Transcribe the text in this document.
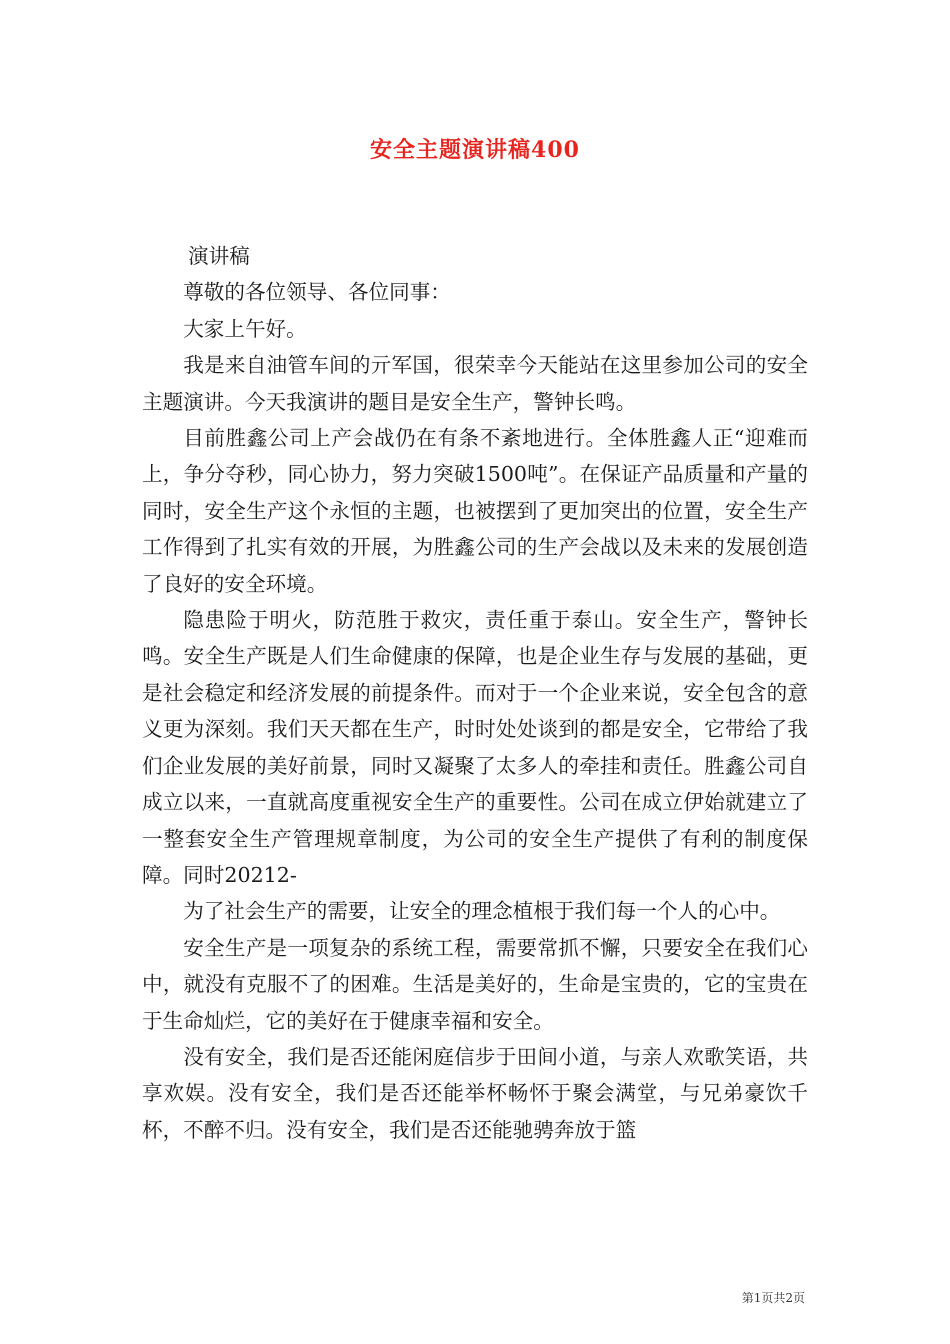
安全主题演讲稿400

演讲稿

尊敬的各位领导、各位同事：

大家上午好。

我是来自油管车间的亓军国，很荣幸今天能站在这里参加公司的安全主题演讲。今天我演讲的题目是安全生产，警钟长鸣。

目前胜鑫公司上产会战仍在有条不紊地进行。全体胜鑫人正“迎难而上，争分夺秒，同心协力，努力突破1500吨”。在保证产品质量和产量的同时，安全生产这个永恒的主题，也被摆到了更加突出的位置，安全生产工作得到了扎实有效的开展，为胜鑫公司的生产会战以及未来的发展创造了良好的安全环境。

隐患险于明火，防范胜于救灾，责任重于泰山。安全生产，警钟长鸣。安全生产既是人们生命健康的保障，也是企业生存与发展的基础，更是社会稳定和经济发展的前提条件。而对于一个企业来说，安全包含的意义更为深刻。我们天天都在生产，时时处处谈到的都是安全，它带给了我们企业发展的美好前景，同时又凝聚了太多人的牵挂和责任。胜鑫公司自成立以来，一直就高度重视安全生产的重要性。公司在成立伊始就建立了一整套安全生产管理规章制度，为公司的安全生产提供了有利的制度保障。同时20212-

为了社会生产的需要，让安全的理念植根于我们每一个人的心中。

安全生产是一项复杂的系统工程，需要常抓不懈，只要安全在我们心中，就没有克服不了的困难。生活是美好的，生命是宝贵的，它的宝贵在于生命灿烂，它的美好在于健康幸福和安全。

没有安全，我们是否还能闲庭信步于田间小道，与亲人欢歌笑语，共享欢娱。没有安全，我们是否还能举杯畅怀于聚会满堂，与兄弟豪饮千杯，不醉不归。没有安全，我们是否还能驰骋奔放于篮

第1页共2页
